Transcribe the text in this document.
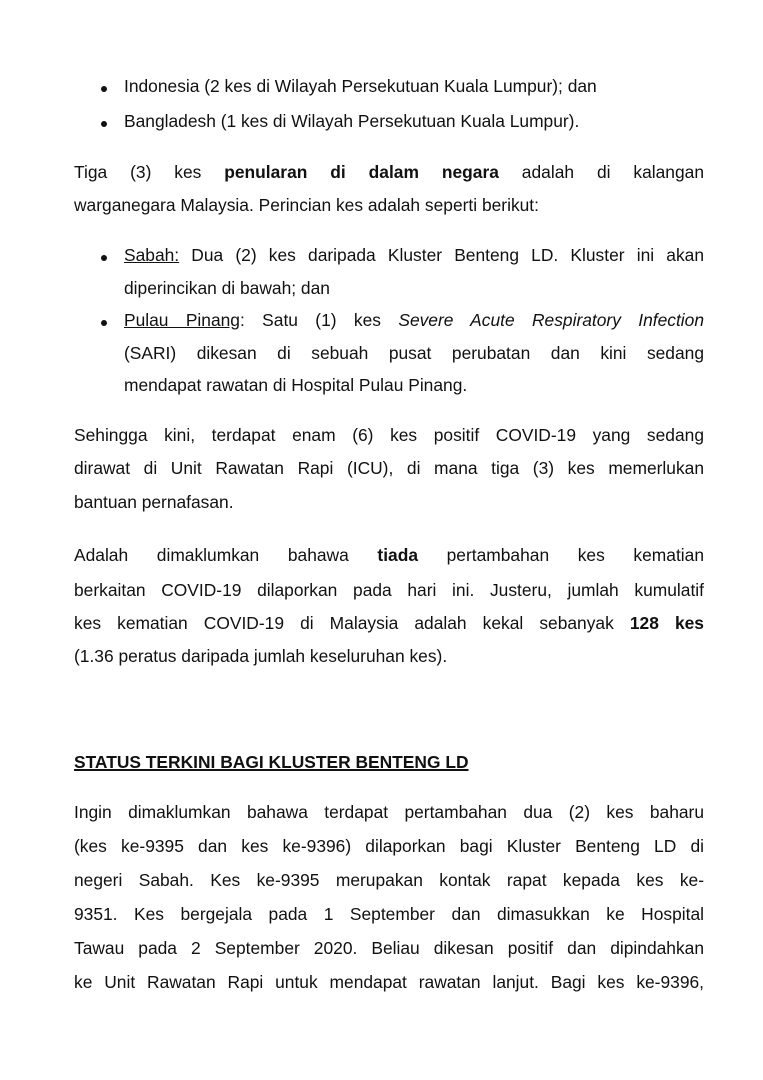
Indonesia (2 kes di Wilayah Persekutuan Kuala Lumpur); dan
Bangladesh (1 kes di Wilayah Persekutuan Kuala Lumpur).
Tiga (3) kes penularan di dalam negara adalah di kalangan
warganegara Malaysia. Perincian kes adalah seperti berikut:
Sabah: Dua (2) kes daripada Kluster Benteng LD. Kluster ini akan
diperincikan di bawah; dan
Pulau Pinang: Satu (1) kes Severe Acute Respiratory Infection
(SARI) dikesan di sebuah pusat perubatan dan kini sedang
mendapat rawatan di Hospital Pulau Pinang.
Sehingga kini, terdapat enam (6) kes positif COVID-19 yang sedang
dirawat di Unit Rawatan Rapi (ICU), di mana tiga (3) kes memerlukan
bantuan pernafasan.
Adalah dimaklumkan bahawa tiada pertambahan kes kematian
berkaitan COVID-19 dilaporkan pada hari ini. Justeru, jumlah kumulatif
kes kematian COVID-19 di Malaysia adalah kekal sebanyak 128 kes
(1.36 peratus daripada jumlah keseluruhan kes).
STATUS TERKINI BAGI KLUSTER BENTENG LD
Ingin dimaklumkan bahawa terdapat pertambahan dua (2) kes baharu
(kes ke-9395 dan kes ke-9396) dilaporkan bagi Kluster Benteng LD di
negeri Sabah. Kes ke-9395 merupakan kontak rapat kepada kes ke-
9351. Kes bergejala pada 1 September dan dimasukkan ke Hospital
Tawau pada 2 September 2020. Beliau dikesan positif dan dipindahkan
ke Unit Rawatan Rapi untuk mendapat rawatan lanjut. Bagi kes ke-9396,
